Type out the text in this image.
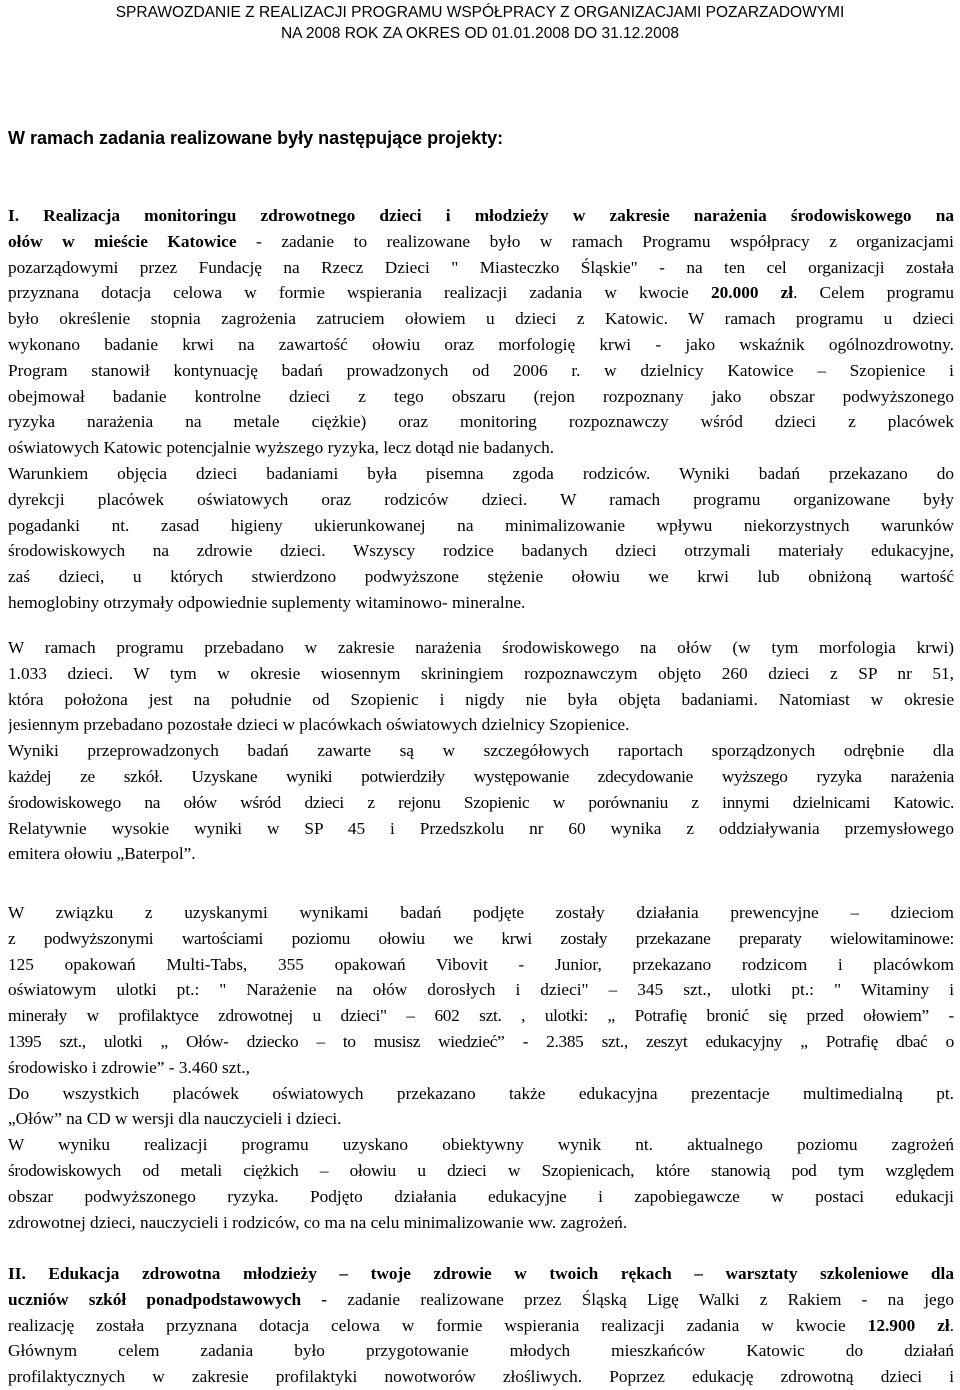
SPRAWOZDANIE Z REALIZACJI PROGRAMU WSPÓŁPRACY Z ORGANIZACJAMI POZARZADOWYMI
NA 2008 ROK ZA OKRES OD 01.01.2008 DO 31.12.2008
W ramach zadania realizowane były następujące projekty:
I. Realizacja monitoringu zdrowotnego dzieci i młodzieży w zakresie narażenia środowiskowego na
ołów w mieście Katowice - zadanie to realizowane było w ramach Programu współpracy z organizacjami
pozarządowymi przez Fundację na Rzecz Dzieci " Miasteczko Śląskie" - na ten cel organizacji została
przyznana dotacja celowa w formie wspierania realizacji zadania w kwocie 20.000 zł. Celem programu
było określenie stopnia zagrożenia zatruciem ołowiem u dzieci z Katowic. W ramach programu u dzieci
wykonano badanie krwi na zawartość ołowiu oraz morfologię krwi - jako wskaźnik ogólnozdrowotny.
Program stanowił kontynuację badań prowadzonych od 2006 r. w dzielnicy Katowice – Szopienice i
obejmował badanie kontrolne dzieci z tego obszaru (rejon rozpoznany jako obszar podwyższonego
ryzyka narażenia na metale ciężkie) oraz monitoring rozpoznawczy wśród dzieci z placówek
oświatowych Katowic potencjalnie wyższego ryzyka, lecz dotąd nie badanych.
Warunkiem objęcia dzieci badaniami była pisemna zgoda rodziców. Wyniki badań przekazano do
dyrekcji placówek oświatowych oraz rodziców dzieci. W ramach programu organizowane były
pogadanki nt. zasad higieny ukierunkowanej na minimalizowanie wpływu niekorzystnych warunków
środowiskowych na zdrowie dzieci. Wszyscy rodzice badanych dzieci otrzymali materiały edukacyjne,
zaś dzieci, u których stwierdzono podwyższone stężenie ołowiu we krwi lub obniżoną wartość
hemoglobiny otrzymały odpowiednie suplementy witaminowo- mineralne.
W ramach programu przebadano w zakresie narażenia środowiskowego na ołów (w tym morfologia krwi)
1.033 dzieci. W tym w okresie wiosennym skriningiem rozpoznawczym objęto 260 dzieci z SP nr 51,
która położona jest na południe od Szopienic i nigdy nie była objęta badaniami. Natomiast w okresie
jesiennym przebadano pozostałe dzieci w placówkach oświatowych dzielnicy Szopienice.
Wyniki przeprowadzonych badań zawarte są w szczegółowych raportach sporządzonych odrębnie dla
każdej ze szkół. Uzyskane wyniki potwierdziły występowanie zdecydowanie wyższego ryzyka narażenia
środowiskowego na ołów wśród dzieci z rejonu Szopienic w porównaniu z innymi dzielnicami Katowic.
Relatywnie wysokie wyniki w SP 45 i Przedszkolu nr 60 wynika z oddziaływania przemysłowego
emitera ołowiu „Baterpol”.
W związku z uzyskanymi wynikami badań podjęte zostały działania prewencyjne – dzieciom
z podwyższonymi wartościami poziomu ołowiu we krwi zostały przekazane preparaty wielowitaminowe:
125 opakowań Multi-Tabs, 355 opakowań Vibovit - Junior, przekazano rodzicom i placówkom
oświatowym ulotki pt.: " Narażenie na ołów dorosłych i dzieci" – 345 szt., ulotki pt.: " Witaminy i
minerały w profilaktyce zdrowotnej u dzieci" – 602 szt. , ulotki: „ Potrafię bronić się przed ołowiem” -
1395 szt., ulotki „ Ołów- dziecko – to musisz wiedzieć” - 2.385 szt., zeszyt edukacyjny „ Potrafię dbać o
środowisko i zdrowie” - 3.460 szt.,
Do wszystkich placówek oświatowych przekazano także edukacyjna prezentacje multimedialną pt.
„Ołów” na CD w wersji dla nauczycieli i dzieci.
W wyniku realizacji programu uzyskano obiektywny wynik nt. aktualnego poziomu zagrożeń
środowiskowych od metali ciężkich – ołowiu u dzieci w Szopienicach, które stanowią pod tym względem
obszar podwyższonego ryzyka. Podjęto działania edukacyjne i zapobiegawcze w postaci edukacji
zdrowotnej dzieci, nauczycieli i rodziców, co ma na celu minimalizowanie ww. zagrożeń.
II. Edukacja zdrowotna młodzieży – twoje zdrowie w twoich rękach – warsztaty szkoleniowe dla
uczniów szkół ponadpodstawowych - zadanie realizowane przez Śląską Ligę Walki z Rakiem - na jego
realizację została przyznana dotacja celowa w formie wspierania realizacji zadania w kwocie 12.900 zł.
Głównym celem zadania było przygotowanie młodych mieszkańców Katowic do działań
profilaktycznych w zakresie profilaktyki nowotworów złośliwych. Poprzez edukację zdrowotną dzieci i
